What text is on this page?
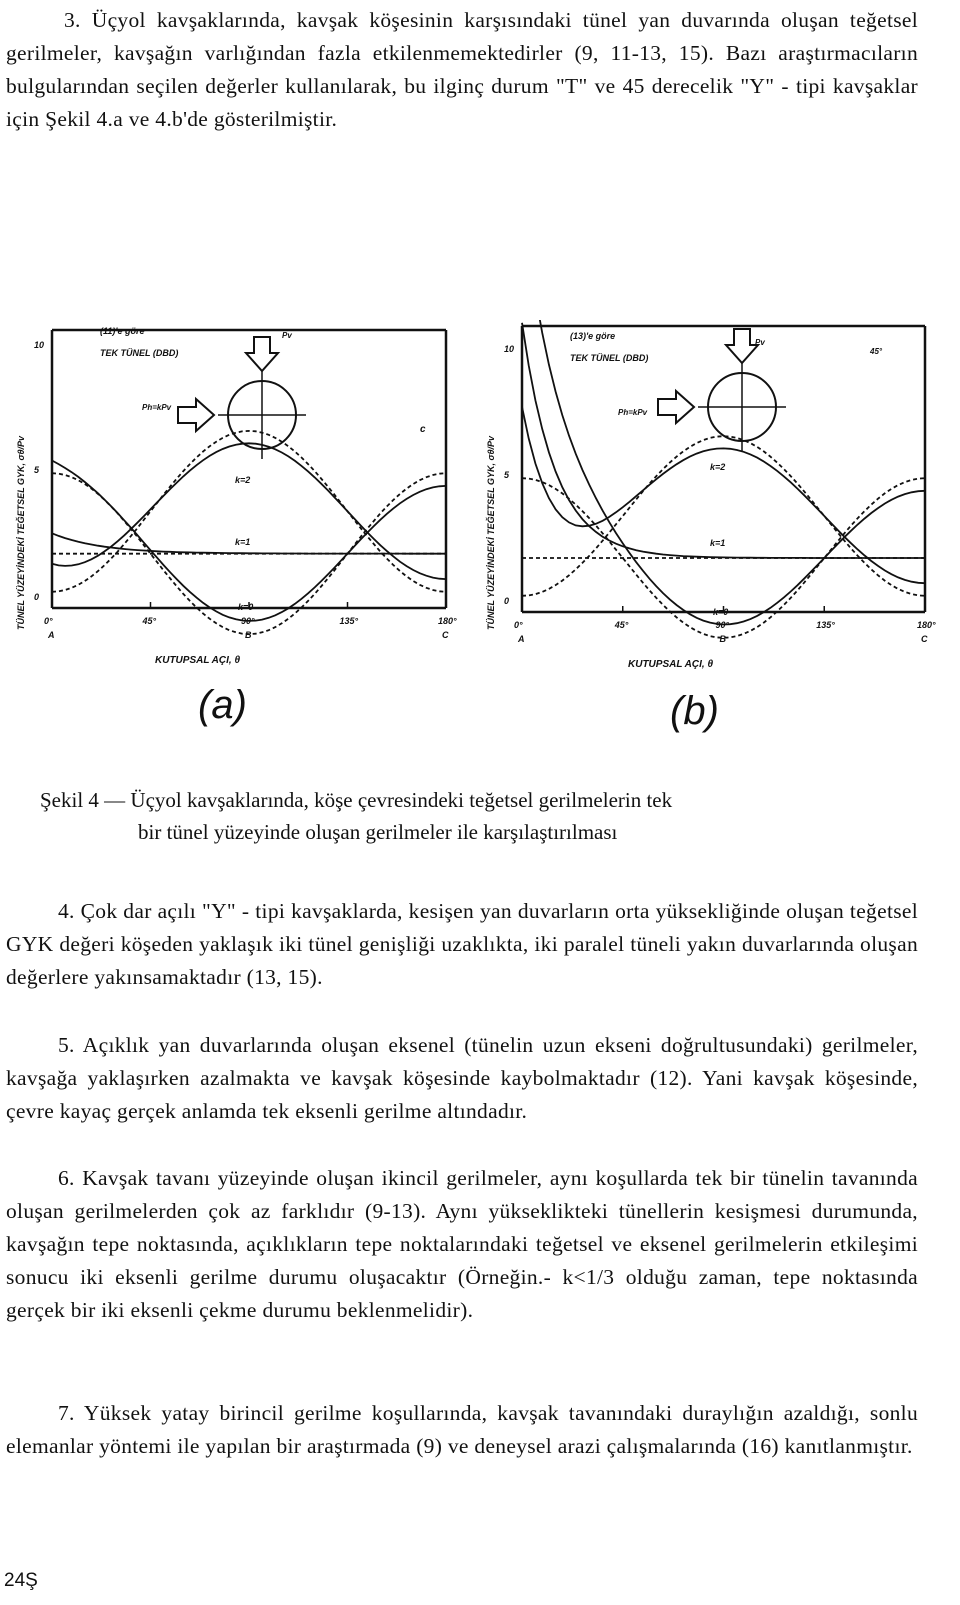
3. Üçyol kavşaklarında, kavşak köşesinin karşısındaki tünel yan duvarında oluşan teğetsel gerilmeler, kavşağın varlığından fazla etkilenmemektedirler (9, 11-13, 15). Bazı araştırmacıların bulgularından seçilen değerler kullanılarak, bu ilginç durum "T" ve 45 derecelik "Y" - tipi kavşaklar için Şekil 4.a ve 4.b'de gösterilmiştir.
10
5
0
0°	45°	90°	135°	180°
A	B	C
TÜNEL YÜZEYİNDEKİ TEĞETSEL GYK, σθ/Pv
KUTUPSAL AÇI, θ
(11)'e göre
TEK TÜNEL (DBD)
Pv
Ph=kPv
c
k=2
k=1
k=0
(a)
10
5
0
0°	45°	90°	135°	180°
A	B	C
TÜNEL YÜZEYİNDEKİ TEĞETSEL GYK, σθ/Pv
KUTUPSAL AÇI, θ
(13)'e göre
TEK TÜNEL (DBD)
Pv
Ph=kPv
45°
k=2
k=1
k=0
(b)
Şekil 4 — Üçyol kavşaklarında, köşe çevresindeki teğetsel gerilmelerin tek
bir tünel yüzeyinde oluşan gerilmeler ile karşılaştırılması
4. Çok dar açılı "Y" - tipi kavşaklarda, kesişen yan duvarların orta yüksekliğinde oluşan teğetsel GYK değeri köşeden yaklaşık iki tünel genişliği uzaklıkta, iki paralel tüneli yakın duvarlarında oluşan değerlere yakınsamaktadır (13, 15).
5. Açıklık yan duvarlarında oluşan eksenel (tünelin uzun ekseni doğrultusundaki) gerilmeler, kavşağa yaklaşırken azalmakta ve kavşak köşesinde kaybolmaktadır (12). Yani kavşak köşesinde, çevre kayaç gerçek anlamda tek eksenli gerilme altındadır.
6. Kavşak tavanı yüzeyinde oluşan ikincil gerilmeler, aynı koşullarda tek bir tünelin tavanında oluşan gerilmelerden çok az farklıdır (9-13). Aynı yükseklikteki tünellerin kesişmesi durumunda, kavşağın tepe noktasında, açıklıkların tepe noktalarındaki teğetsel ve eksenel gerilmelerin etkileşimi sonucu iki eksenli gerilme durumu oluşacaktır (Örneğin.- k<1/3 olduğu zaman, tepe noktasında gerçek bir iki eksenli çekme durumu beklenmelidir).
7. Yüksek yatay birincil gerilme koşullarında, kavşak tavanındaki duraylığın azaldığı, sonlu elemanlar yöntemi ile yapılan bir araştırmada (9) ve deneysel arazi çalışmalarında (16) kanıtlanmıştır.
24Ş
